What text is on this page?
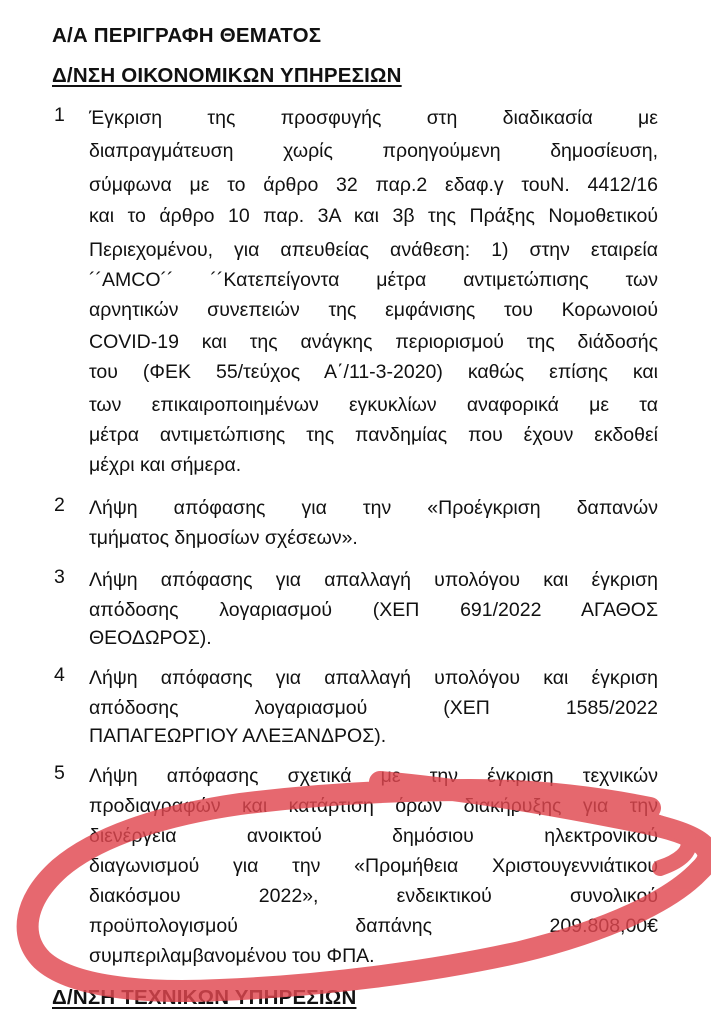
Α/Α ΠΕΡΙΓΡΑΦΗ ΘΕΜΑΤΟΣ
Δ/ΝΣΗ ΟΙΚΟΝΟΜΙΚΩΝ ΥΠΗΡΕΣΙΩΝ
1 Έγκριση της προσφυγής στη διαδικασία με
διαπραγμάτευση χωρίς προηγούμενη δημοσίευση,
σύμφωνα με το άρθρο 32 παρ.2 εδαφ.γ τουΝ. 4412/16
και το άρθρο 10 παρ. 3Α και 3β της Πράξης Νομοθετικού
Περιεχομένου, για απευθείας ανάθεση: 1) στην εταιρεία
´´AMCO´´ ´´Κατεπείγοντα μέτρα αντιμετώπισης των
αρνητικών συνεπειών της εμφάνισης του Κορωνοιού
COVID-19 και της ανάγκης περιορισμού της διάδοσής
του (ΦΕΚ 55/τεύχος Α΄/11-3-2020) καθώς επίσης και
των επικαιροποιημένων εγκυκλίων αναφορικά με τα
μέτρα αντιμετώπισης της πανδημίας που έχουν εκδοθεί
μέχρι και σήμερα.
2 Λήψη απόφασης για την «Προέγκριση δαπανών
τμήματος δημοσίων σχέσεων».
3 Λήψη απόφασης για απαλλαγή υπολόγου και έγκριση
απόδοσης λογαριασμού (ΧΕΠ 691/2022 ΑΓΑΘΟΣ
ΘΕΟΔΩΡΟΣ).
4 Λήψη απόφασης για απαλλαγή υπολόγου και έγκριση
απόδοσης λογαριασμού (ΧΕΠ 1585/2022
ΠΑΠΑΓΕΩΡΓΙΟΥ ΑΛΕΞΑΝΔΡΟΣ).
5 Λήψη απόφασης σχετικά με την έγκριση τεχνικών
προδιαγραφών και κατάρτιση όρων διακήρυξης για την
διενέργεια ανοικτού δημόσιου ηλεκτρονικού
διαγωνισμού για την «Προμήθεια Χριστουγεννιάτικου
διακόσμου 2022», ενδεικτικού συνολικού
προϋπολογισμού δαπάνης 209.808,00€
συμπεριλαμβανομένου του ΦΠΑ.
Δ/ΝΣΗ ΤΕΧΝΙΚΩΝ ΥΠΗΡΕΣΙΩΝ
